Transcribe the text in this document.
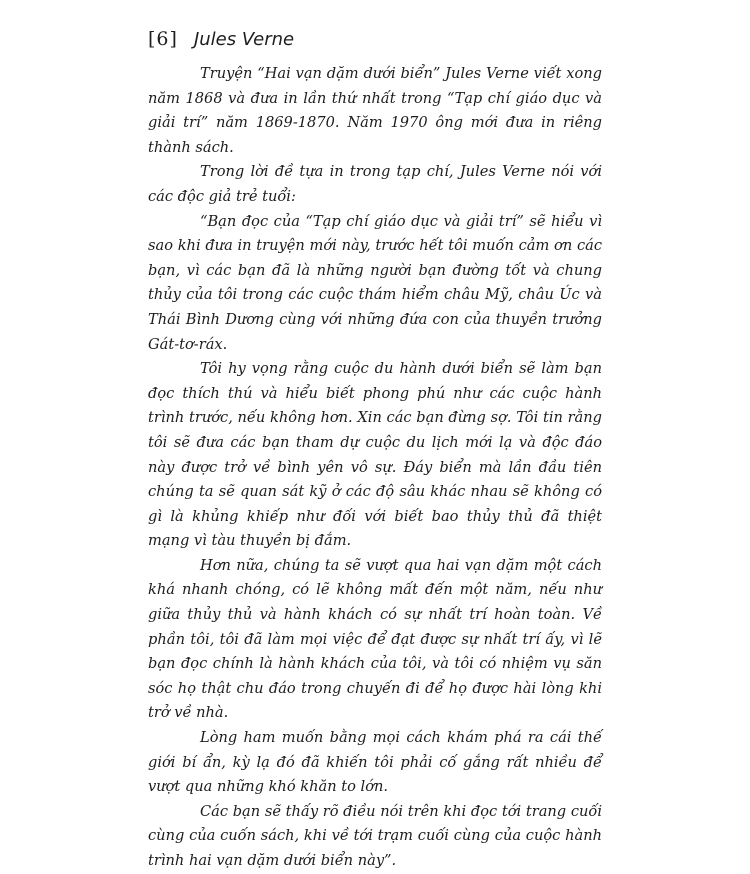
[6] Jules Verne

Truyện “Hai vạn dặm dưới biển” Jules Verne viết xong năm 1868 và đưa in lần thứ nhất trong “Tạp chí giáo dục và giải trí” năm 1869-1870. Năm 1970 ông mới đưa in riêng thành sách.

Trong lời đề tựa in trong tạp chí, Jules Verne nói với các độc giả trẻ tuổi:

“Bạn đọc của “Tạp chí giáo dục và giải trí” sẽ hiểu vì sao khi đưa in truyện mới này, trước hết tôi muốn cảm ơn các bạn, vì các bạn đã là những người bạn đường tốt và chung thủy của tôi trong các cuộc thám hiểm châu Mỹ, châu Úc và Thái Bình Dương cùng với những đứa con của thuyền trưởng Gát-tơ-ráx.

Tôi hy vọng rằng cuộc du hành dưới biển sẽ làm bạn đọc thích thú và hiểu biết phong phú như các cuộc hành trình trước, nếu không hơn. Xin các bạn đừng sợ. Tôi tin rằng tôi sẽ đưa các bạn tham dự cuộc du lịch mới lạ và độc đáo này được trở về bình yên vô sự. Đáy biển mà lần đầu tiên chúng ta sẽ quan sát kỹ ở các độ sâu khác nhau sẽ không có gì là khủng khiếp như đối với biết bao thủy thủ đã thiệt mạng vì tàu thuyền bị đắm.

Hơn nữa, chúng ta sẽ vượt qua hai vạn dặm một cách khá nhanh chóng, có lẽ không mất đến một năm, nếu như giữa thủy thủ và hành khách có sự nhất trí hoàn toàn. Về phần tôi, tôi đã làm mọi việc để đạt được sự nhất trí ấy, vì lẽ bạn đọc chính là hành khách của tôi, và tôi có nhiệm vụ săn sóc họ thật chu đáo trong chuyến đi để họ được hài lòng khi trở về nhà.

Lòng ham muốn bằng mọi cách khám phá ra cái thế giới bí ẩn, kỳ lạ đó đã khiến tôi phải cố gắng rất nhiều để vượt qua những khó khăn to lớn.

Các bạn sẽ thấy rõ điều nói trên khi đọc tới trang cuối cùng của cuốn sách, khi về tới trạm cuối cùng của cuộc hành trình hai vạn dặm dưới biển này”.
